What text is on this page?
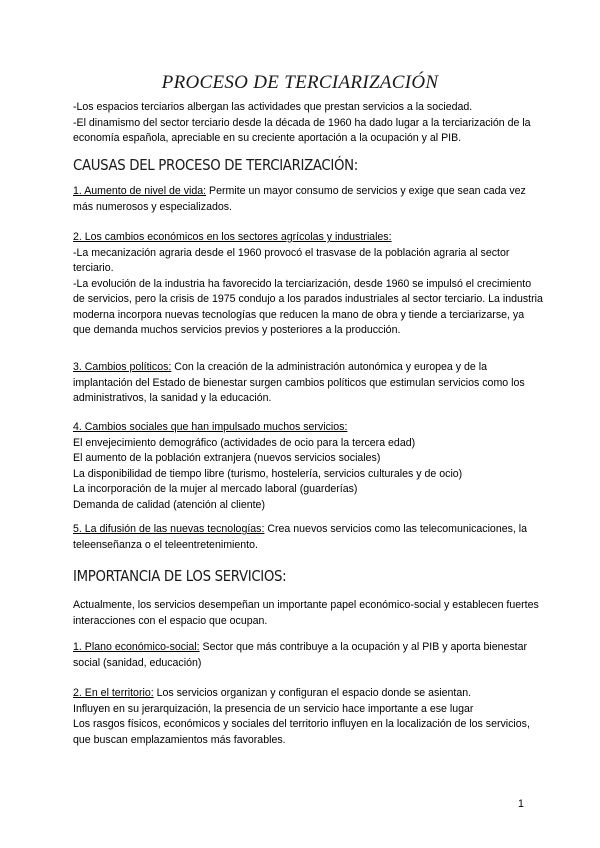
PROCESO DE TERCIARIZACIÓN

-Los espacios terciarios albergan las actividades que prestan servicios a la sociedad.

-El dinamismo del sector terciario desde la década de 1960 ha dado lugar a la terciarización de la economía española, apreciable en su creciente aportación a la ocupación y al PIB.

CAUSAS DEL PROCESO DE TERCIARIZACIÓN:

1. Aumento de nivel de vida: Permite un mayor consumo de servicios y exige que sean cada vez más numerosos y especializados.

2. Los cambios económicos en los sectores agrícolas y industriales:

-La mecanización agraria desde el 1960 provocó el trasvase de la población agraria al sector terciario.

-La evolución de la industria ha favorecido la terciarización, desde 1960 se impulsó el crecimiento de servicios, pero la crisis de 1975 condujo a los parados industriales al sector terciario. La industria moderna incorpora nuevas tecnologías que reducen la mano de obra y tiende a terciarizarse, ya que demanda muchos servicios previos y posteriores a la producción.

3. Cambios políticos: Con la creación de la administración autonómica y europea y de la implantación del Estado de bienestar surgen cambios políticos que estimulan servicios como los administrativos, la sanidad y la educación.

4. Cambios sociales que han impulsado muchos servicios:

El envejecimiento demográfico (actividades de ocio para la tercera edad)

El aumento de la población extranjera (nuevos servicios sociales)

La disponibilidad de tiempo libre (turismo, hostelería, servicios culturales y de ocio)

La incorporación de la mujer al mercado laboral (guarderías)

Demanda de calidad (atención al cliente)

5. La difusión de las nuevas tecnologías: Crea nuevos servicios como las telecomunicaciones, la teleenseñanza o el teleentretenimiento.

IMPORTANCIA DE LOS SERVICIOS:

Actualmente, los servicios desempeñan un importante papel económico-social y establecen fuertes interacciones con el espacio que ocupan.

1. Plano económico-social: Sector que más contribuye a la ocupación y al PIB y aporta bienestar social (sanidad, educación)

2. En el territorio: Los servicios organizan y configuran el espacio donde se asientan.

Influyen en su jerarquización, la presencia de un servicio hace importante a ese lugar

Los rasgos físicos, económicos y sociales del territorio influyen en la localización de los servicios, que buscan emplazamientos más favorables.

1
